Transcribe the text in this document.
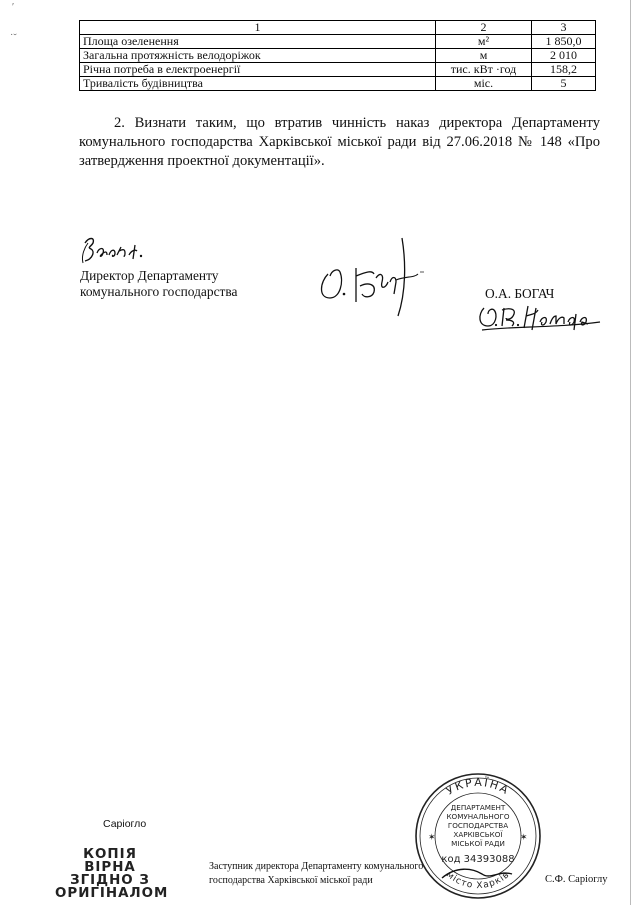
ʹ
˙˘
1	2	3
Площа озеленення	м²	1 850,0
Загальна протяжність велодоріжок	м	2 010
Річна потреба в електроенергії	тис. кВт ·год	158,2
Тривалість будівництва	міс.	5
2. Визнати таким, що втратив чинність наказ директора Департаменту комунального господарства Харківської міської ради від 27.06.2018 № 148 «Про затвердження проектної документації».
Директор Департаменту
комунального господарства	О.А. БОГАЧ
Саріогло
КОПІЯ ВІРНА
ЗГІДНО З
ОРИГІНАЛОМ
Заступник директора Департаменту комунального
господарства Харківської міської ради	С.Ф. Саріоглу
УКРАЇНА
місто Харків
ДЕПАРТАМЕНТ
КОМУНАЛЬНОГО
ГОСПОДАРСТВА
ХАРКІВСЬКОЇ
МІСЬКОЇ РАДИ
код 34393088
✶	✶
